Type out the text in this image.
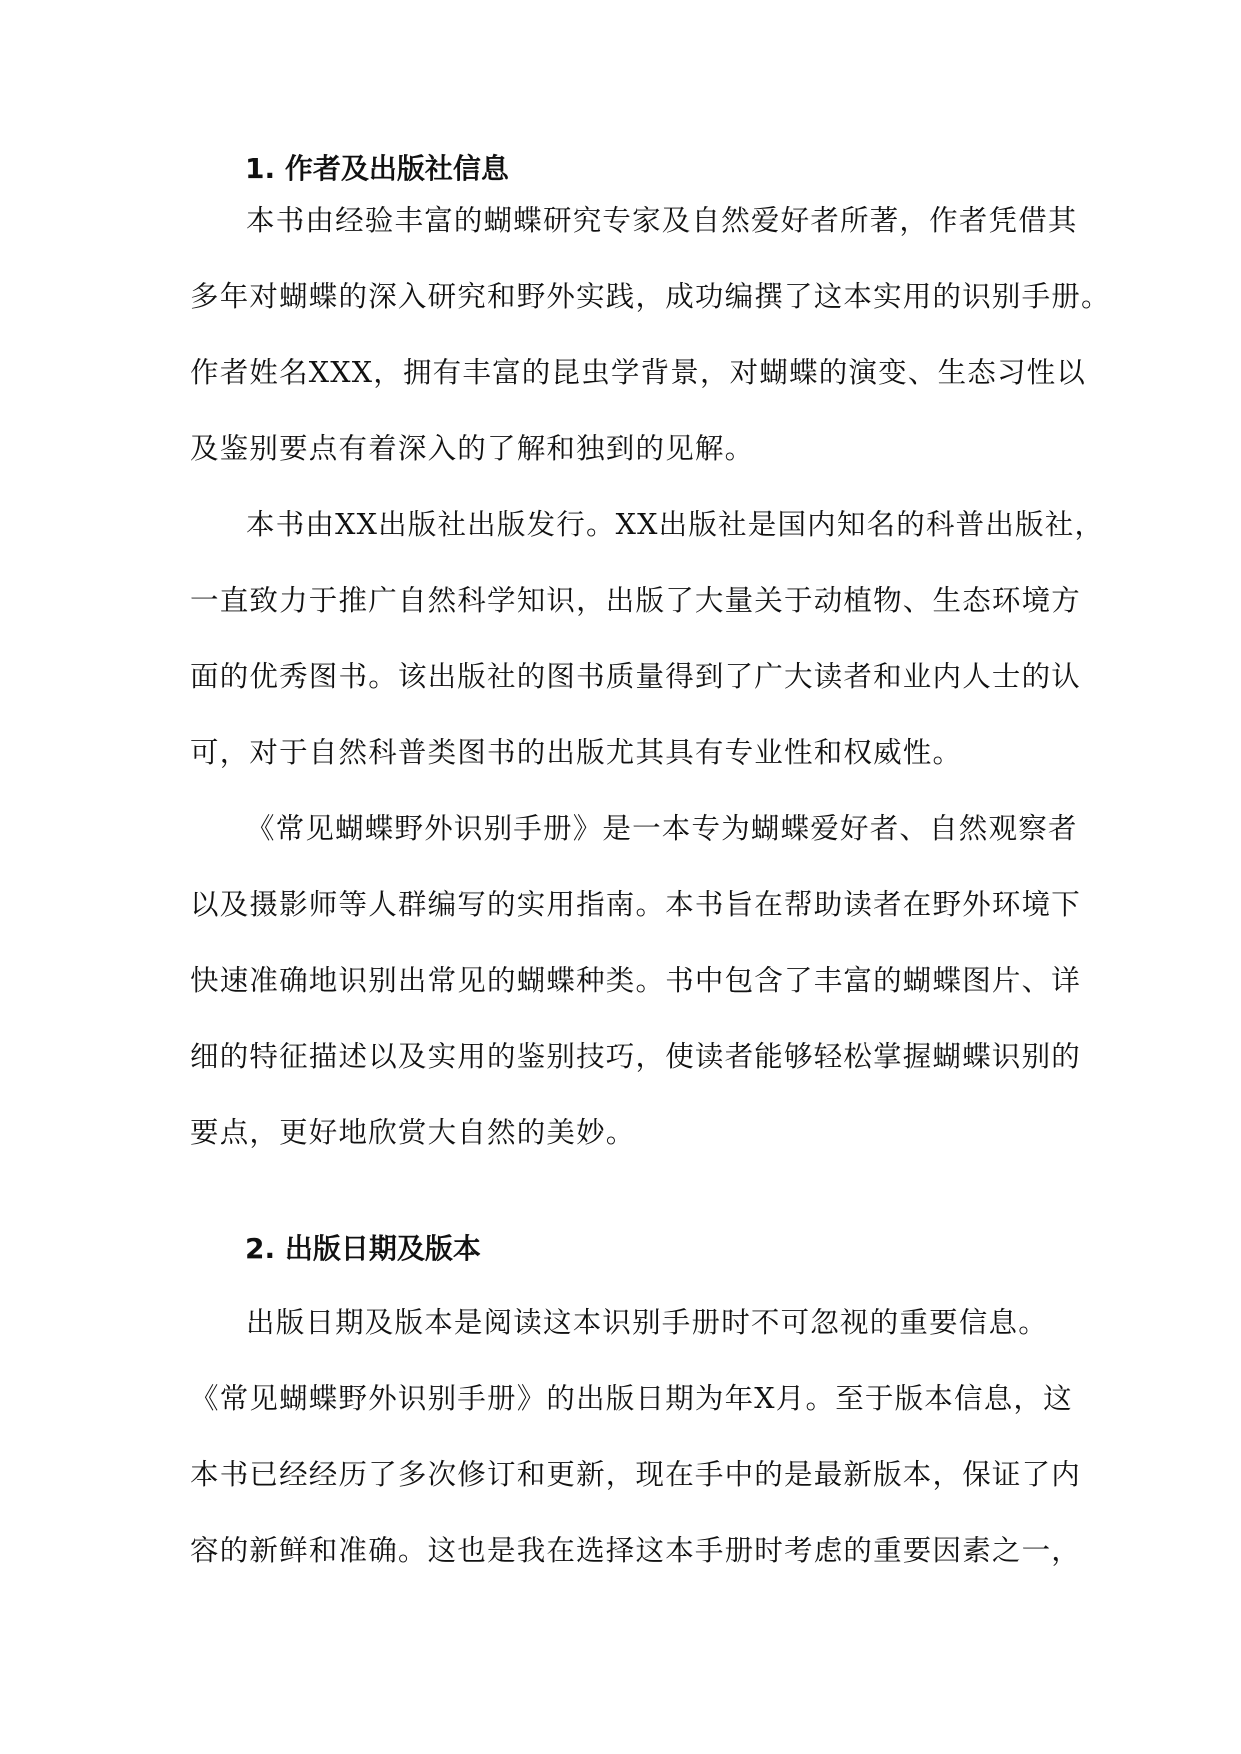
1. 作者及出版社信息
本书由经验丰富的蝴蝶研究专家及自然爱好者所著，作者凭借其
多年对蝴蝶的深入研究和野外实践，成功编撰了这本实用的识别手册。
作者姓名XXX，拥有丰富的昆虫学背景，对蝴蝶的演变、生态习性以
及鉴别要点有着深入的了解和独到的见解。
本书由XX出版社出版发行。XX出版社是国内知名的科普出版社，
一直致力于推广自然科学知识，出版了大量关于动植物、生态环境方
面的优秀图书。该出版社的图书质量得到了广大读者和业内人士的认
可，对于自然科普类图书的出版尤其具有专业性和权威性。
《常见蝴蝶野外识别手册》是一本专为蝴蝶爱好者、自然观察者
以及摄影师等人群编写的实用指南。本书旨在帮助读者在野外环境下
快速准确地识别出常见的蝴蝶种类。书中包含了丰富的蝴蝶图片、详
细的特征描述以及实用的鉴别技巧，使读者能够轻松掌握蝴蝶识别的
要点，更好地欣赏大自然的美妙。
2. 出版日期及版本
出版日期及版本是阅读这本识别手册时不可忽视的重要信息。
《常见蝴蝶野外识别手册》的出版日期为年X月。至于版本信息，这
本书已经经历了多次修订和更新，现在手中的是最新版本，保证了内
容的新鲜和准确。这也是我在选择这本手册时考虑的重要因素之一，
